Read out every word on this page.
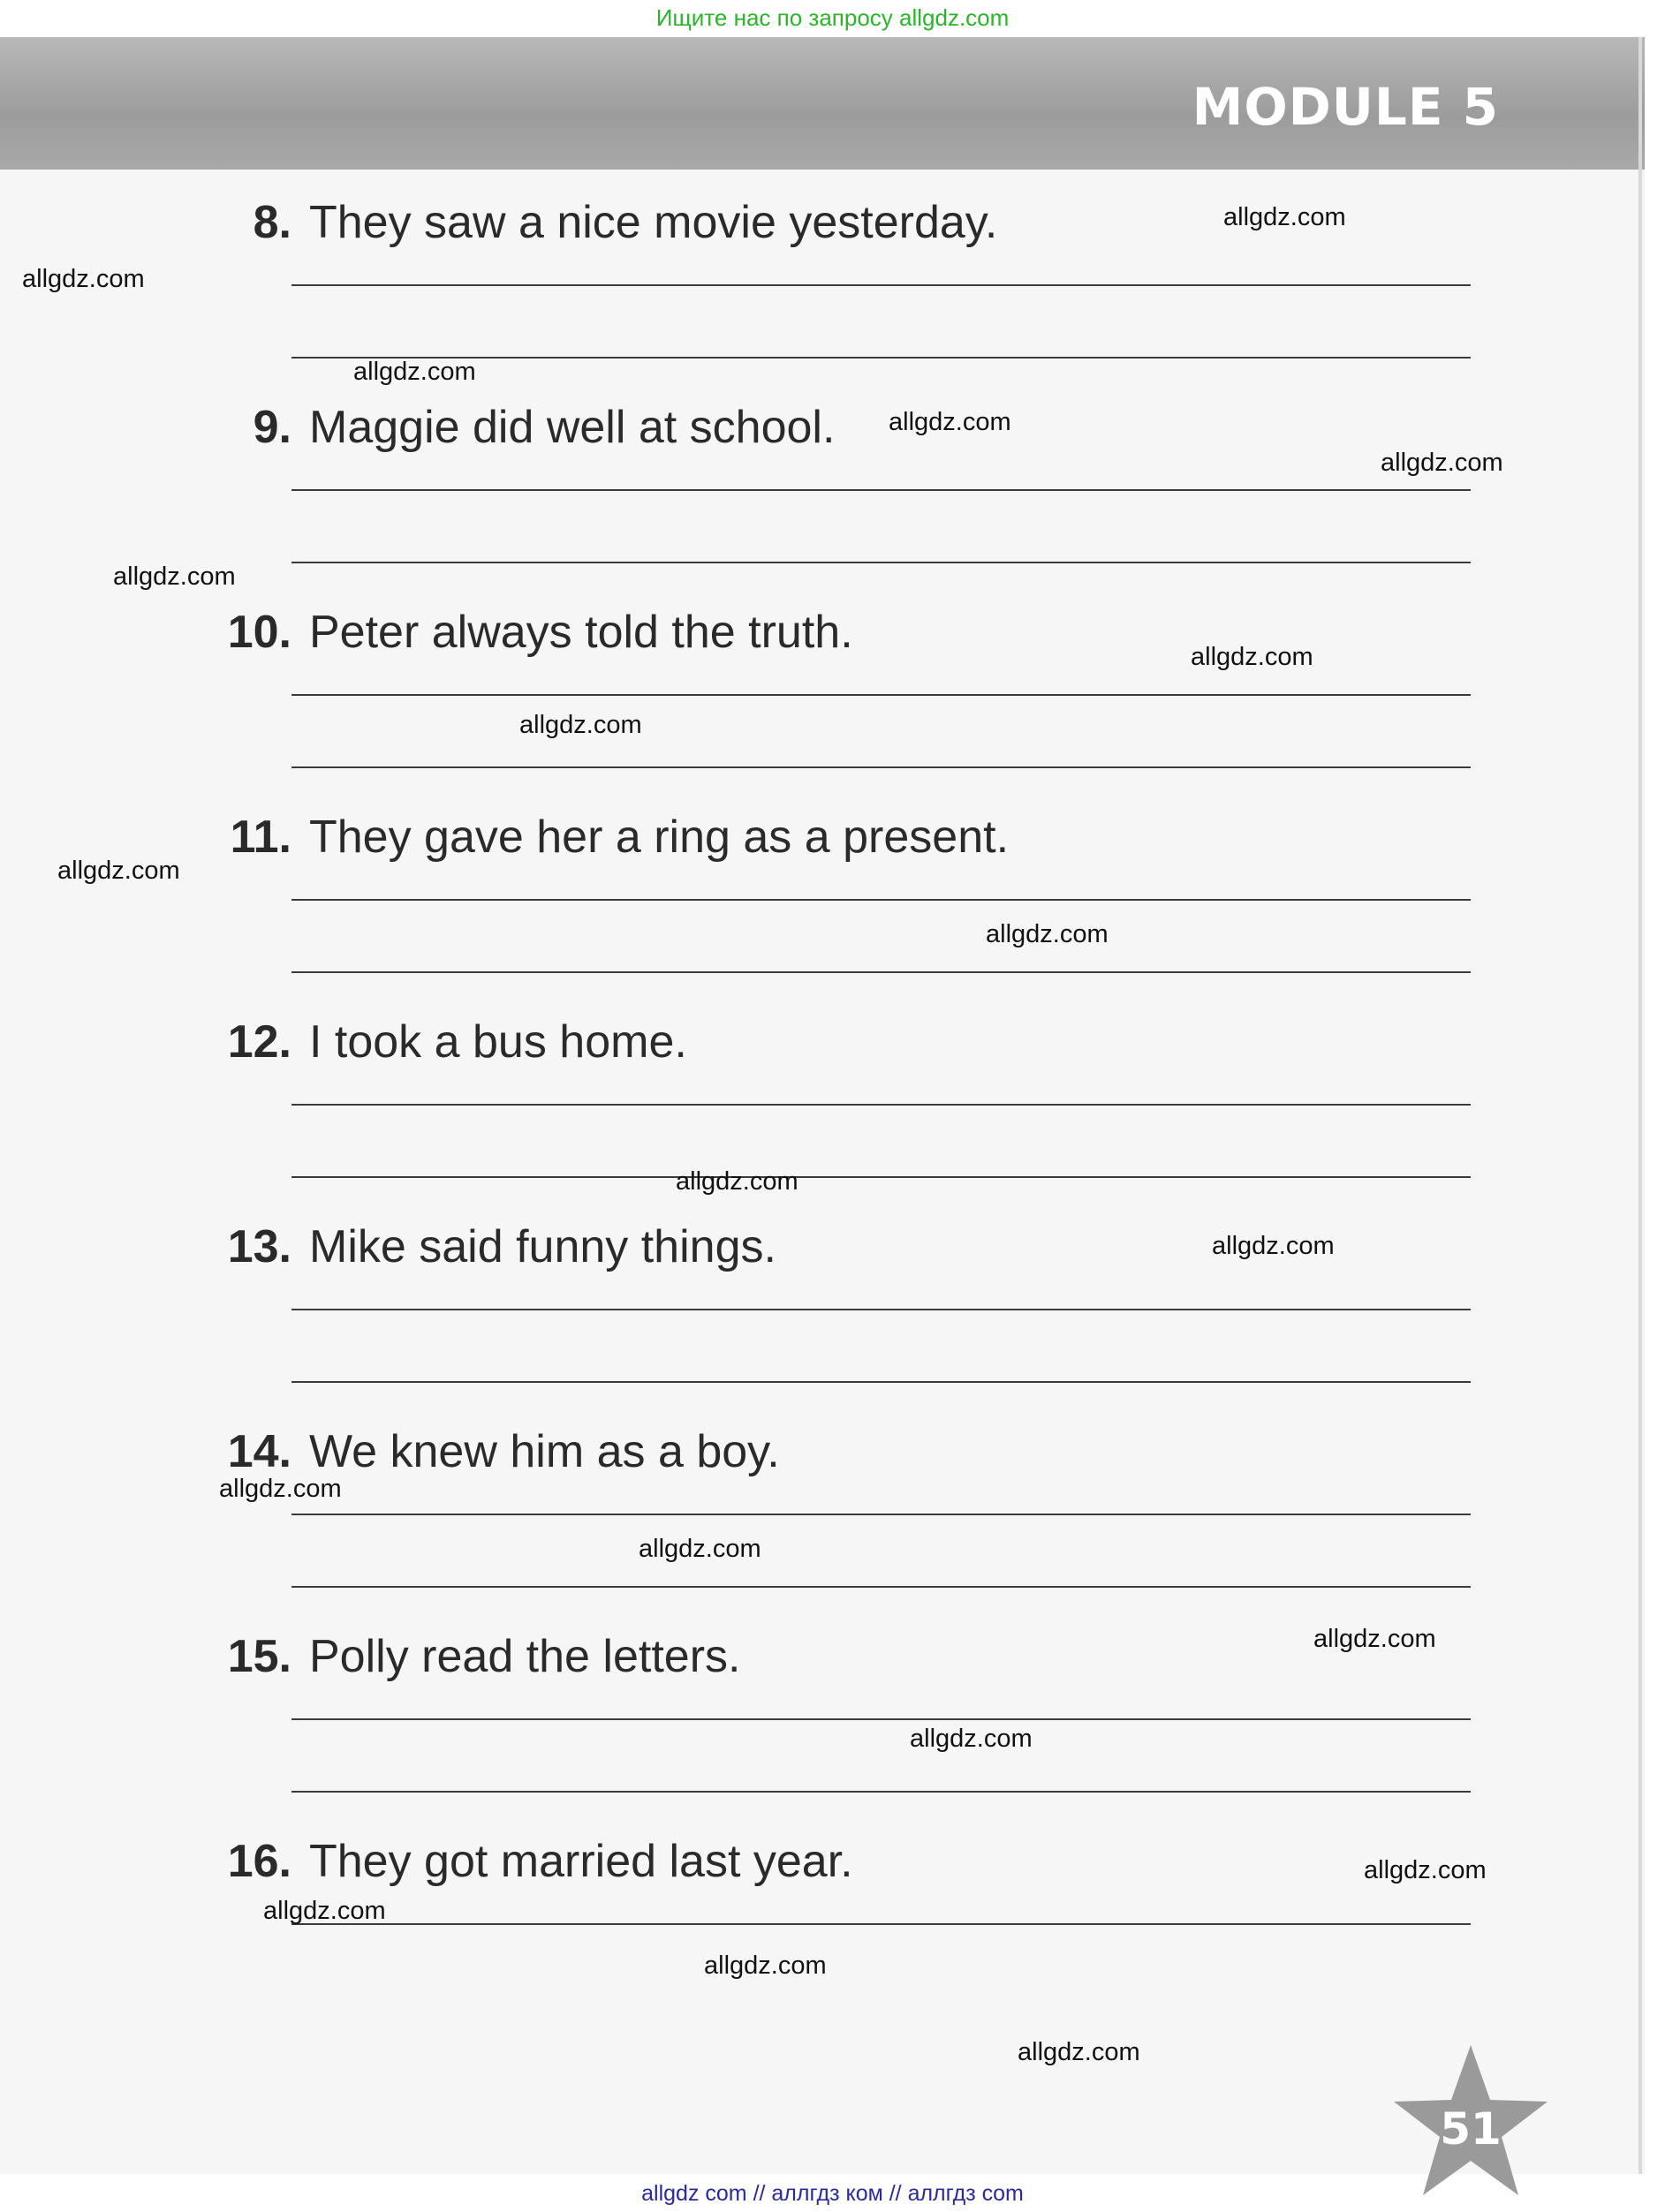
Ищите нас по запросу allgdz.com
MODULE 5
8. They saw a nice movie yesterday.
9. Maggie did well at school.
10. Peter always told the truth.
11. They gave her a ring as a present.
12. I took a bus home.
13. Mike said funny things.
14. We knew him as a boy.
15. Polly read the letters.
16. They got married last year.
51
allgdz.com
allgdz.com
allgdz.com
allgdz.com
allgdz.com
allgdz.com
allgdz.com
allgdz.com
allgdz.com
allgdz.com
allgdz.com
allgdz.com
allgdz.com
allgdz.com
allgdz.com
allgdz.com
allgdz.com
allgdz.com
allgdz.com
allgdz.com
allgdz com // аллгдз ком // аллгдз com
